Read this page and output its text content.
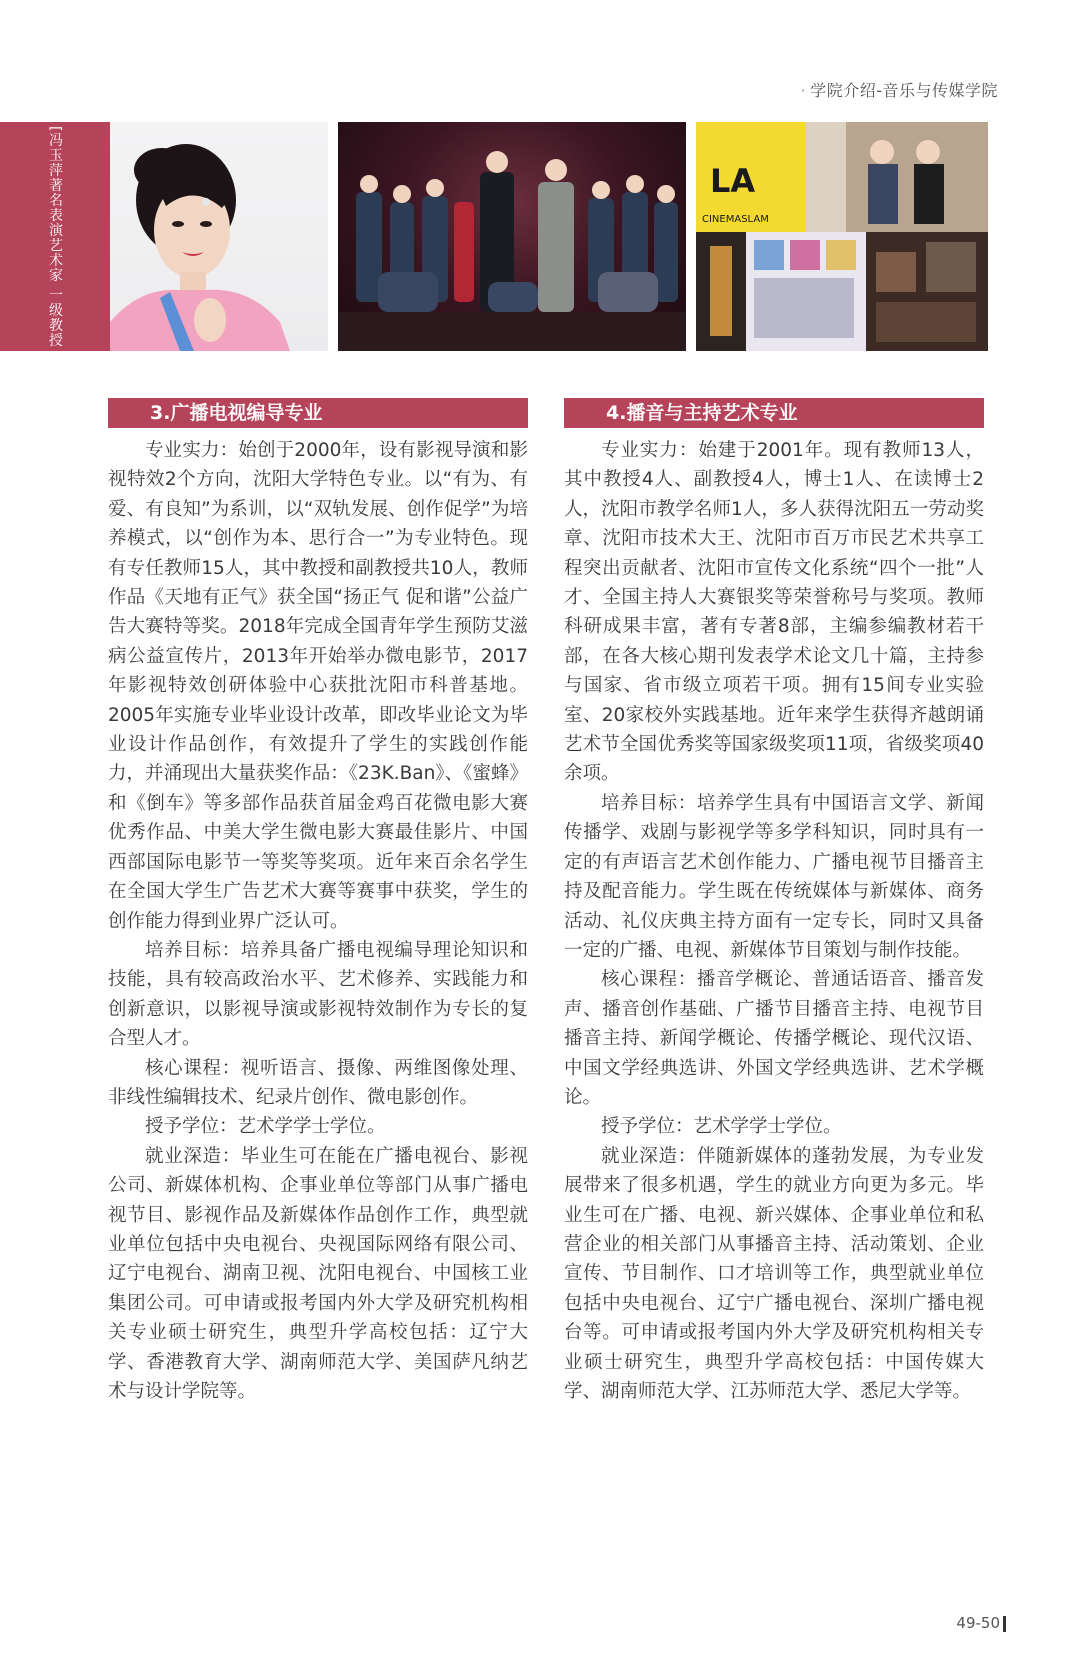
· 学院介绍-音乐与传媒学院
[冯玉萍著名表演艺术家 一级教授	LA
CINEMASLAM
3.广播电视编导专业

专业实力：始创于2000年，设有影视导演和影视特效2个方向，沈阳大学特色专业。以“有为、有爱、有良知”为系训，以“双轨发展、创作促学”为培养模式，以“创作为本、思行合一”为专业特色。现有专任教师15人，其中教授和副教授共10人，教师作品《天地有正气》获全国“扬正气 促和谐”公益广告大赛特等奖。2018年完成全国青年学生预防艾滋病公益宣传片，2013年开始举办微电影节，2017年影视特效创研体验中心获批沈阳市科普基地。2005年实施专业毕业设计改革，即改毕业论文为毕业设计作品创作，有效提升了学生的实践创作能力，并涌现出大量获奖作品：《23K.Ban》、《蜜蜂》和《倒车》等多部作品获首届金鸡百花微电影大赛优秀作品、中美大学生微电影大赛最佳影片、中国西部国际电影节一等奖等奖项。近年来百余名学生在全国大学生广告艺术大赛等赛事中获奖，学生的创作能力得到业界广泛认可。

培养目标：培养具备广播电视编导理论知识和技能，具有较高政治水平、艺术修养、实践能力和创新意识，以影视导演或影视特效制作为专长的复合型人才。

核心课程：视听语言、摄像、两维图像处理、非线性编辑技术、纪录片创作、微电影创作。

授予学位：艺术学学士学位。

就业深造：毕业生可在能在广播电视台、影视公司、新媒体机构、企事业单位等部门从事广播电视节目、影视作品及新媒体作品创作工作，典型就业单位包括中央电视台、央视国际网络有限公司、辽宁电视台、湖南卫视、沈阳电视台、中国核工业集团公司。可申请或报考国内外大学及研究机构相关专业硕士研究生，典型升学高校包括：辽宁大学、香港教育大学、湖南师范大学、美国萨凡纳艺术与设计学院等。

4.播音与主持艺术专业

专业实力：始建于2001年。现有教师13人，其中教授4人、副教授4人，博士1人、在读博士2人，沈阳市教学名师1人，多人获得沈阳五一劳动奖章、沈阳市技术大王、沈阳市百万市民艺术共享工程突出贡献者、沈阳市宣传文化系统“四个一批”人才、全国主持人大赛银奖等荣誉称号与奖项。教师科研成果丰富，著有专著8部，主编参编教材若干部，在各大核心期刊发表学术论文几十篇，主持参与国家、省市级立项若干项。拥有15间专业实验室、20家校外实践基地。近年来学生获得齐越朗诵艺术节全国优秀奖等国家级奖项11项，省级奖项40余项。

培养目标：培养学生具有中国语言文学、新闻传播学、戏剧与影视学等多学科知识，同时具有一定的有声语言艺术创作能力、广播电视节目播音主持及配音能力。学生既在传统媒体与新媒体、商务活动、礼仪庆典主持方面有一定专长，同时又具备一定的广播、电视、新媒体节目策划与制作技能。

核心课程：播音学概论、普通话语音、播音发声、播音创作基础、广播节目播音主持、电视节目播音主持、新闻学概论、传播学概论、现代汉语、中国文学经典选讲、外国文学经典选讲、艺术学概论。

授予学位：艺术学学士学位。

就业深造：伴随新媒体的蓬勃发展，为专业发展带来了很多机遇，学生的就业方向更为多元。毕业生可在广播、电视、新兴媒体、企事业单位和私营企业的相关部门从事播音主持、活动策划、企业宣传、节目制作、口才培训等工作，典型就业单位包括中央电视台、辽宁广播电视台、深圳广播电视台等。可申请或报考国内外大学及研究机构相关专业硕士研究生，典型升学高校包括：中国传媒大学、湖南师范大学、江苏师范大学、悉尼大学等。

49-50
